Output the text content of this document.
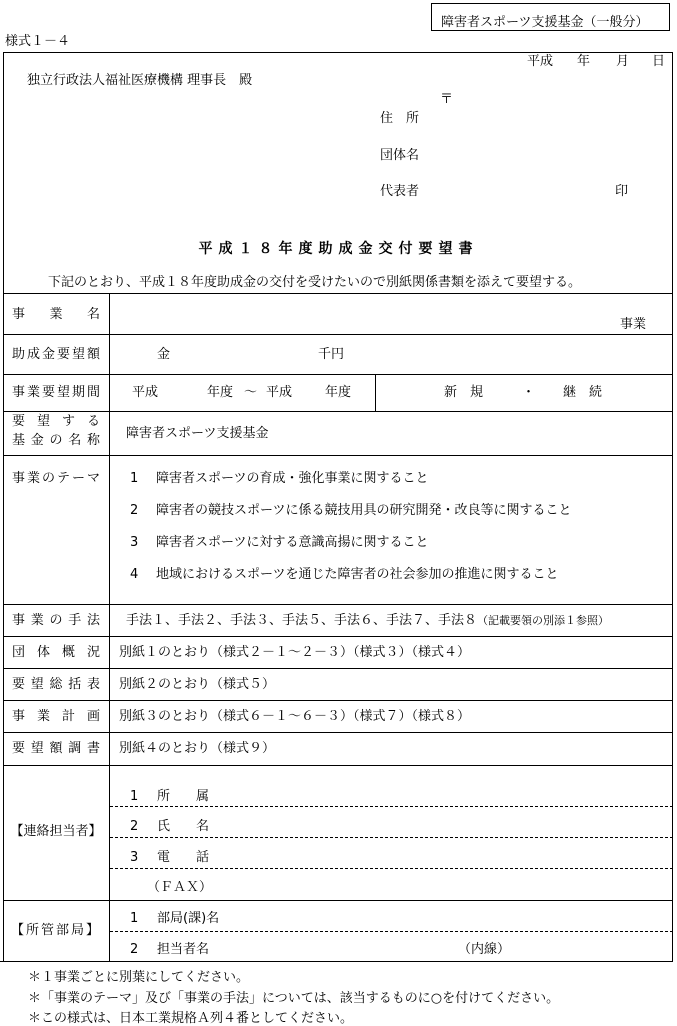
障害者スポーツ支援基金（一般分）
様式１－４
平成 年 月 日
独立行政法人福祉医療機構 理事長　殿
〒
住　所
団体名
代表者	印
平成１８年度助成金交付要望書
下記のとおり、平成１８年度助成金の交付を受けたいので別紙関係書類を添えて要望する。
事業名
事業
助成金要望額	金	千円
事業要望期間 平成	年度 ～ 平成	年度	新　規	・ 継　続
要望する
基金の名称 障害者スポーツ支援基金
事業のテーマ 1 障害者スポーツの育成・強化事業に関すること
2 障害者の競技スポーツに係る競技用具の研究開発・改良等に関すること
3 障害者スポーツに対する意識高揚に関すること
4 地域におけるスポーツを通じた障害者の社会参加の推進に関すること
事業の手法 手法１、手法２、手法３、手法５、手法６、手法７、手法８（記載要領の別添１参照）
団体概況 別紙１のとおり（様式２－１～２－３）（様式３）（様式４）
要望総括表 別紙２のとおり（様式５）
事業計画 別紙３のとおり（様式６－１～６－３）（様式７）（様式８）
要望額調書 別紙４のとおり（様式９）
【連絡担当者】
1 所　　属
2 氏　　名
3 電　　話
（ＦＡＸ）
【所管部局】
1 部局(課)名
2 担当者名	（内線）
＊１事業ごとに別葉にしてください。
＊「事業のテーマ」及び「事業の手法」については、該当するものに○を付けてください。
＊この様式は、日本工業規格Ａ列４番としてください。
